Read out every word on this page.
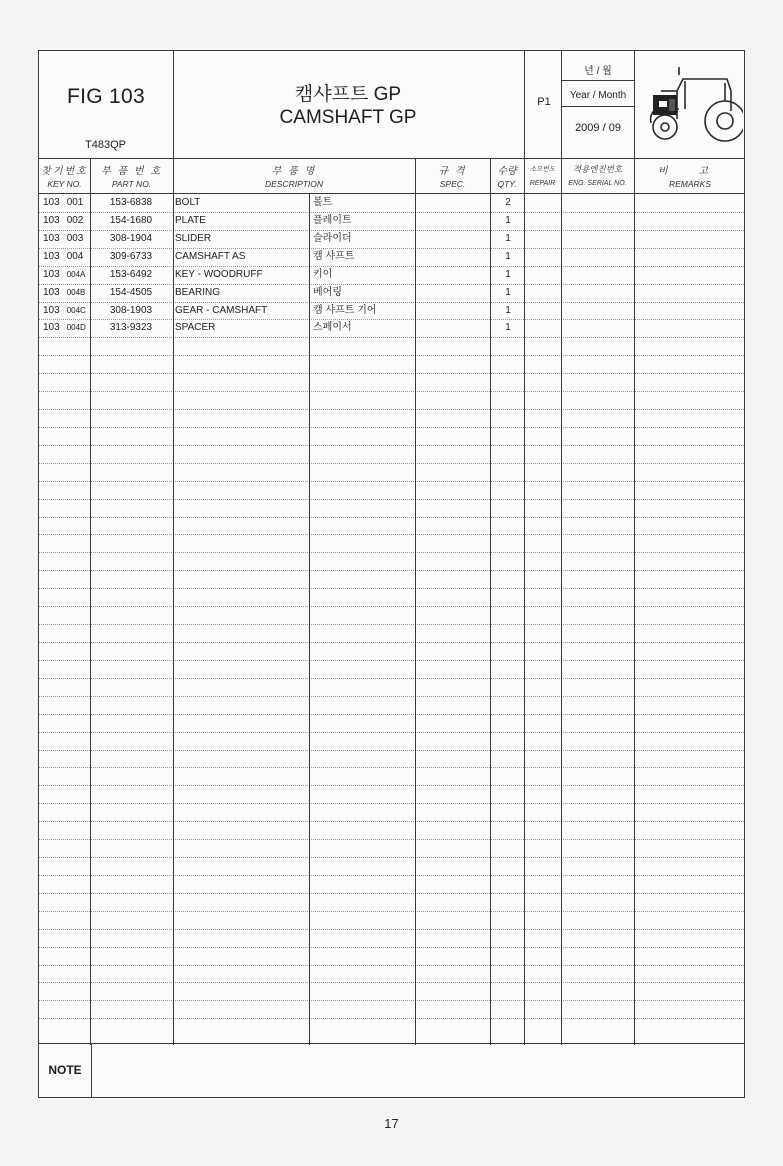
FIG 103
T483QP
캠샤프트 GP
CAMSHAFT GP
P1
년 / 월
Year / Month
2009 / 09
찾기번호
KEY NO.
부 품 번 호
PART NO.
부 품 명
DESCRIPTION
규 격
SPEC.
수량
QTY.
소모번도
REPAIR
적용엔진번호
ENG. SERIAL NO.
비 고
REMARKS
103 001	153-6838	BOLT	볼트	2
103 002	154-1680	PLATE	플레이트	1
103 003	308-1904	SLIDER	슬라이더	1
103 004	309-6733	CAMSHAFT AS	캠 샤프트	1
103 004A	153-6492	KEY - WOODRUFF	키이	1
103 004B	154-4505	BEARING	베어링	1
103 004C	308-1903	GEAR - CAMSHAFT	캠 샤프트 기어	1
103 004D	313-9323	SPACER	스페이서	1
NOTE
17
